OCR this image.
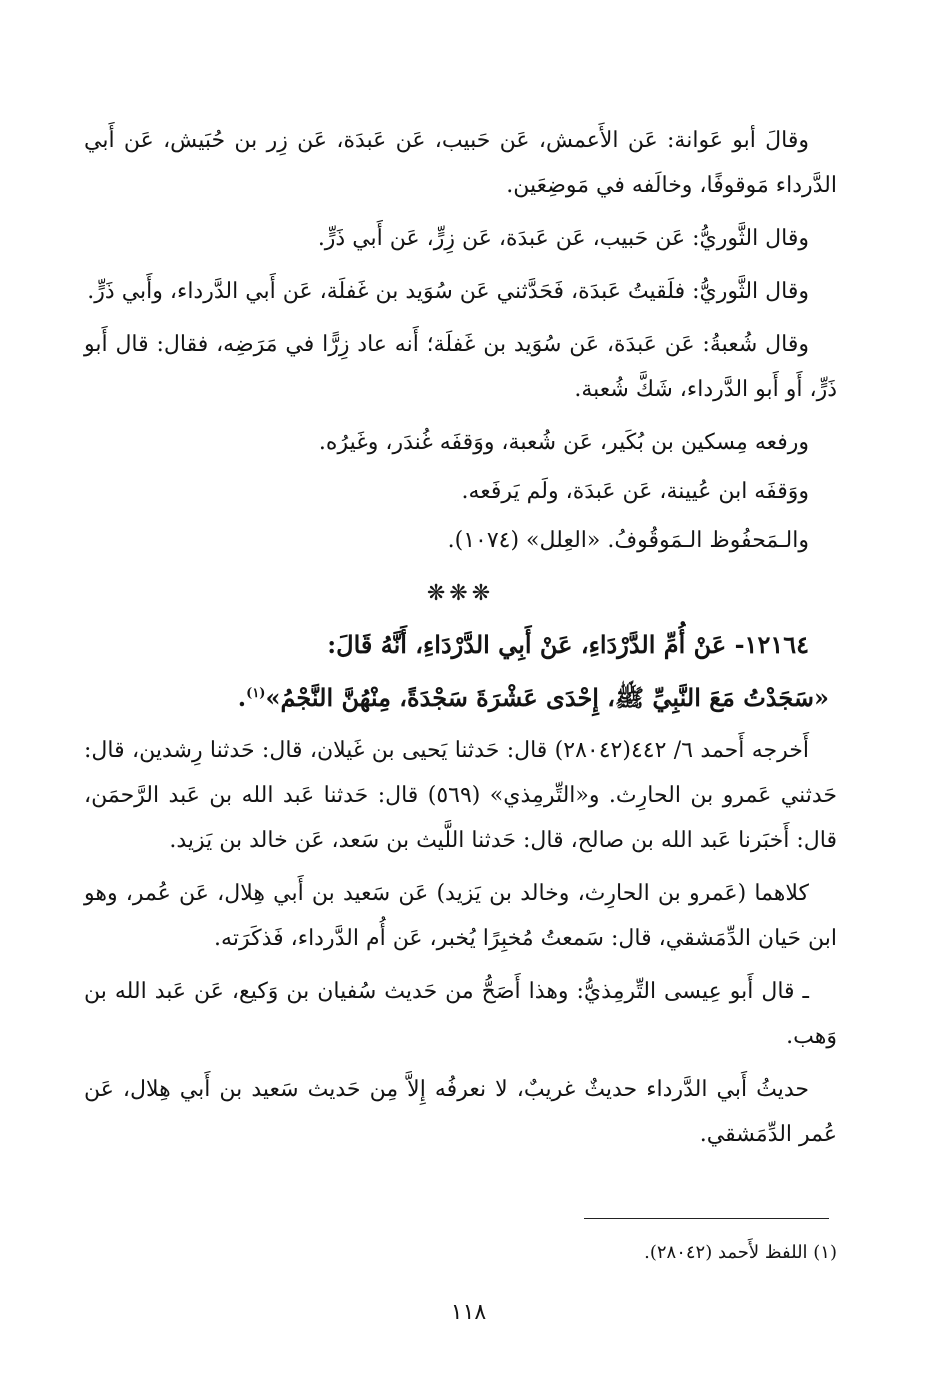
وقالَ أبو عَوانة: عَن الأَعمش، عَن حَبيب، عَن عَبدَة، عَن زِر بن حُبَيش، عَن أَبي الدَّرداء مَوقوفًا، وخالَفه في مَوضِعَين.

وقال الثَّوريُّ: عَن حَبيب، عَن عَبدَة، عَن زِرٍّ، عَن أَبي ذَرٍّ.

وقال الثَّوريُّ: فلَقيتُ عَبدَة، فَحَدَّثني عَن سُوَيد بن غَفلَة، عَن أَبي الدَّرداء، وأَبي ذَرٍّ.

وقال شُعبةُ: عَن عَبدَة، عَن سُوَيد بن غَفلَة؛ أَنه عاد زِرًّا في مَرَضِه، فقال: قال أَبو ذَرٍّ، أَو أَبو الدَّرداء، شَكَّ شُعبة.

ورفعه مِسكين بن بُكَير، عَن شُعبة، ووَقفَه غُندَر، وغَيرُه.

ووَقفَه ابن عُيينة، عَن عَبدَة، ولَم يَرفَعه.

والـمَحفُوظ الـمَوقُوفُ. «العِلل» (١٠٧٤).

❋❋❋

١٢١٦٤- عَنْ أُمِّ الدَّرْدَاءِ، عَنْ أَبِي الدَّرْدَاءِ، أَنَّهُ قَالَ:

«سَجَدْتُ مَعَ النَّبِيِّ ﷺ، إِحْدَى عَشْرَةَ سَجْدَةً، مِنْهُنَّ النَّجْمُ»$^{(١)}$.

أَخرجه أَحمد ٦/ ٤٤٢(٢٨٠٤٢) قال: حَدثنا يَحيى بن غَيلان، قال: حَدثنا رِشدين، قال: حَدثني عَمرو بن الحارِث. و«التِّرمِذي» (٥٦٩) قال: حَدثنا عَبد الله بن عَبد الرَّحمَن، قال: أَخبَرنا عَبد الله بن صالح، قال: حَدثنا اللَّيث بن سَعد، عَن خالد بن يَزيد.

كلاهما (عَمرو بن الحارِث، وخالد بن يَزيد) عَن سَعيد بن أَبي هِلال، عَن عُمر، وهو ابن حَيان الدِّمَشقي، قال: سَمعتُ مُخبِرًا يُخبر، عَن أُم الدَّرداء، فَذكَرَته.

ـ قال أَبو عِيسى التِّرمِذيُّ: وهذا أَصَحُّ من حَديث سُفيان بن وَكيع، عَن عَبد الله بن وَهب.

حديثُ أَبي الدَّرداء حديثٌ غريبٌ، لا نعرفُه إِلاَّ مِن حَديث سَعيد بن أَبي هِلال، عَن عُمر الدِّمَشقي.

(١) اللفظ لأَحمد (٢٨٠٤٢).
١١٨
